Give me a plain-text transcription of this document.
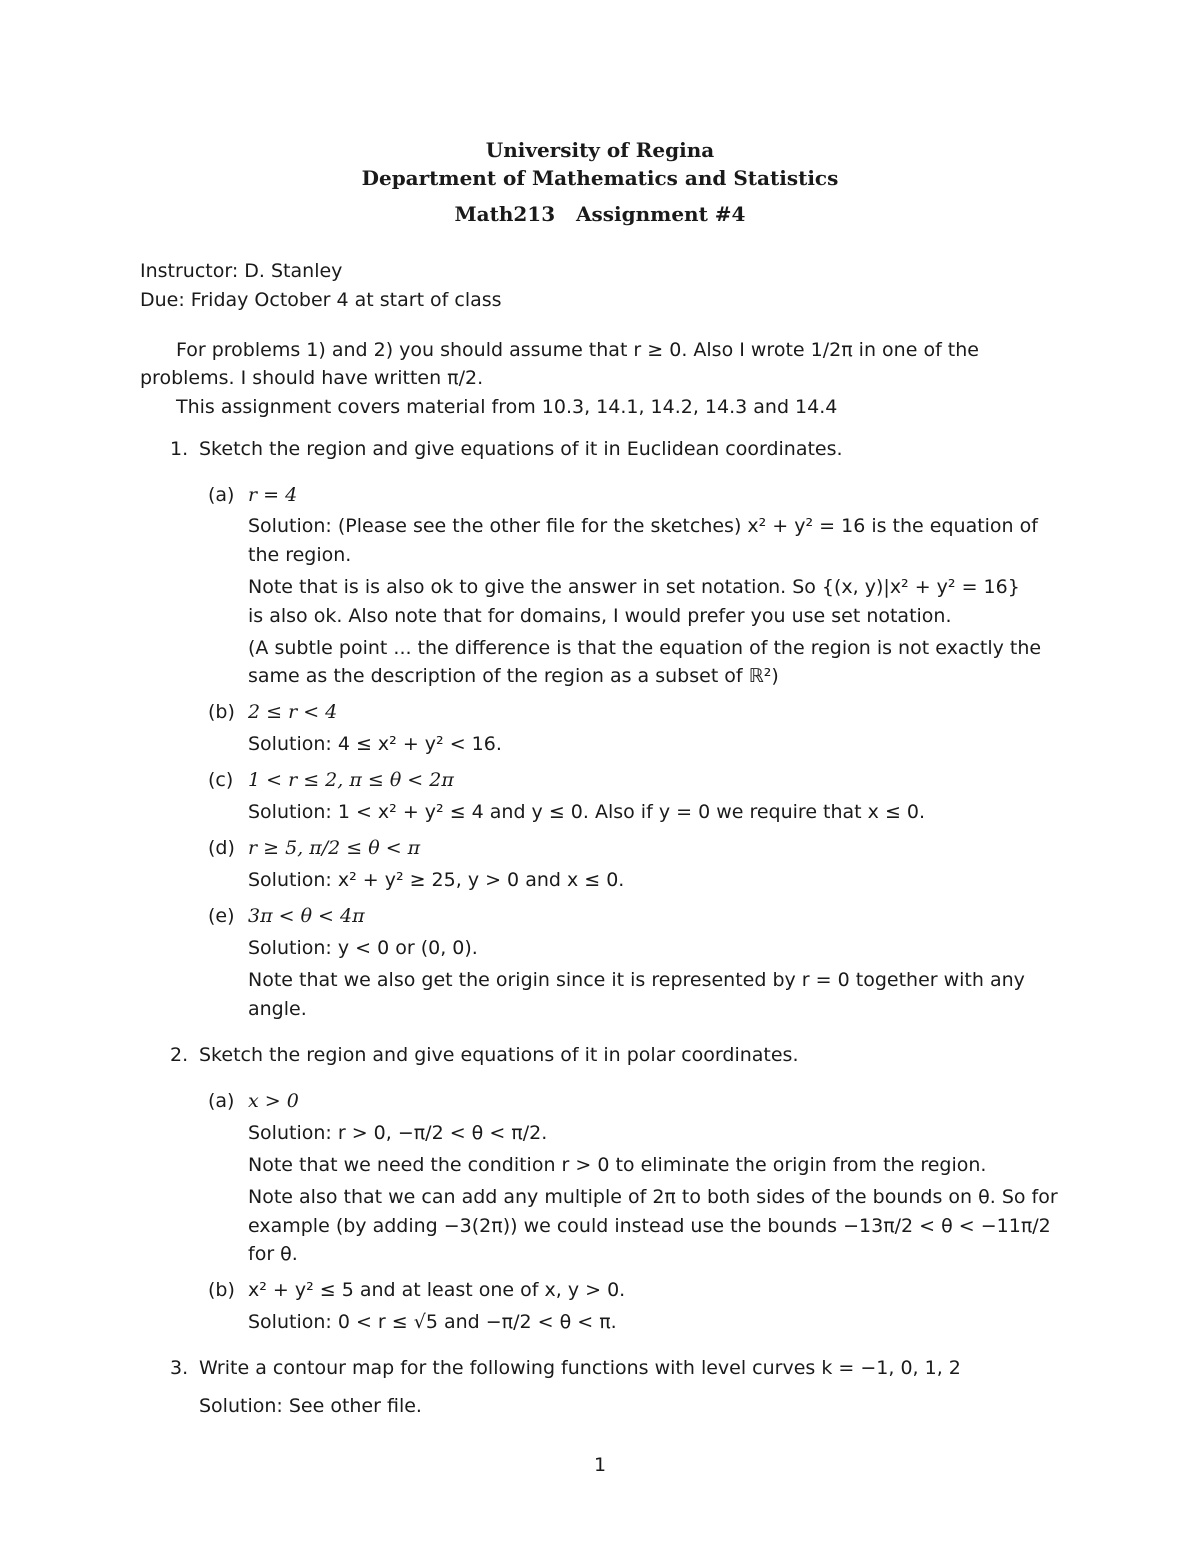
University of Regina
Department of Mathematics and Statistics
Math213   Assignment #4
Instructor: D. Stanley
Due: Friday October 4 at start of class
For problems 1) and 2) you should assume that r ≥ 0. Also I wrote 1/2π in one of the
problems. I should have written π/2.
This assignment covers material from 10.3, 14.1, 14.2, 14.3 and 14.4
1. Sketch the region and give equations of it in Euclidean coordinates.
(a) r = 4
Solution: (Please see the other file for the sketches) x² + y² = 16 is the equation of
the region.
Note that is is also ok to give the answer in set notation. So {(x, y)|x² + y² = 16}
is also ok. Also note that for domains, I would prefer you use set notation.
(A subtle point ... the difference is that the equation of the region is not exactly the
same as the description of the region as a subset of ℝ²)
(b) 2 ≤ r < 4
Solution: 4 ≤ x² + y² < 16.
(c) 1 < r ≤ 2, π ≤ θ < 2π
Solution: 1 < x² + y² ≤ 4 and y ≤ 0. Also if y = 0 we require that x ≤ 0.
(d) r ≥ 5, π/2 ≤ θ < π
Solution: x² + y² ≥ 25, y > 0 and x ≤ 0.
(e) 3π < θ < 4π
Solution: y < 0 or (0, 0).
Note that we also get the origin since it is represented by r = 0 together with any
angle.
2. Sketch the region and give equations of it in polar coordinates.
(a) x > 0
Solution: r > 0, −π/2 < θ < π/2.
Note that we need the condition r > 0 to eliminate the origin from the region.
Note also that we can add any multiple of 2π to both sides of the bounds on θ. So for
example (by adding −3(2π)) we could instead use the bounds −13π/2 < θ < −11π/2
for θ.
(b) x² + y² ≤ 5 and at least one of x, y > 0.
Solution: 0 < r ≤ √5 and −π/2 < θ < π.
3. Write a contour map for the following functions with level curves k = −1, 0, 1, 2
Solution: See other file.
1
